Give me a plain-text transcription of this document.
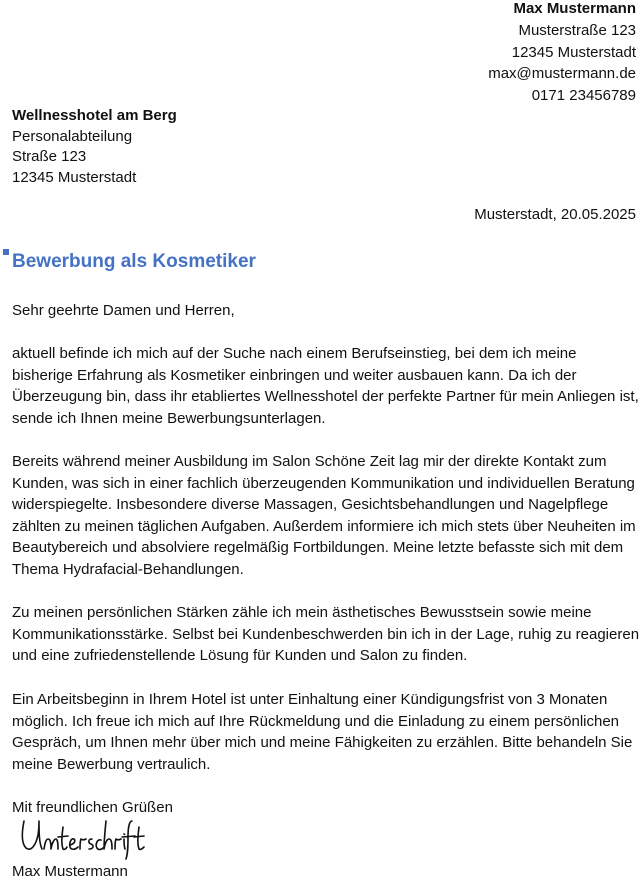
Max Mustermann
Musterstraße 123
12345 Musterstadt
max@mustermann.de
0171 23456789
Wellnesshotel am Berg
Personalabteilung
Straße 123
12345 Musterstadt
Musterstadt, 20.05.2025
Bewerbung als Kosmetiker
Sehr geehrte Damen und Herren,
aktuell befinde ich mich auf der Suche nach einem Berufseinstieg, bei dem ich meine bisherige Erfahrung als Kosmetiker einbringen und weiter ausbauen kann. Da ich der Überzeugung bin, dass ihr etabliertes Wellnesshotel der perfekte Partner für mein Anliegen ist, sende ich Ihnen meine Bewerbungsunterlagen.
Bereits während meiner Ausbildung im Salon Schöne Zeit lag mir der direkte Kontakt zum Kunden, was sich in einer fachlich überzeugenden Kommunikation und individuellen Beratung widerspiegelte. Insbesondere diverse Massagen, Gesichtsbehandlungen und Nagelpflege zählten zu meinen täglichen Aufgaben. Außerdem informiere ich mich stets über Neuheiten im Beautybereich und absolviere regelmäßig Fortbildungen. Meine letzte befasste sich mit dem Thema Hydrafacial-Behandlungen.
Zu meinen persönlichen Stärken zähle ich mein ästhetisches Bewusstsein sowie meine Kommunikationsstärke. Selbst bei Kundenbeschwerden bin ich in der Lage, ruhig zu reagieren und eine zufriedenstellende Lösung für Kunden und Salon zu finden.
Ein Arbeitsbeginn in Ihrem Hotel ist unter Einhaltung einer Kündigungsfrist von 3 Monaten möglich. Ich freue ich mich auf Ihre Rückmeldung und die Einladung zu einem persönlichen Gespräch, um Ihnen mehr über mich und meine Fähigkeiten zu erzählen. Bitte behandeln Sie meine Bewerbung vertraulich.
Mit freundlichen Grüßen
Max Mustermann
